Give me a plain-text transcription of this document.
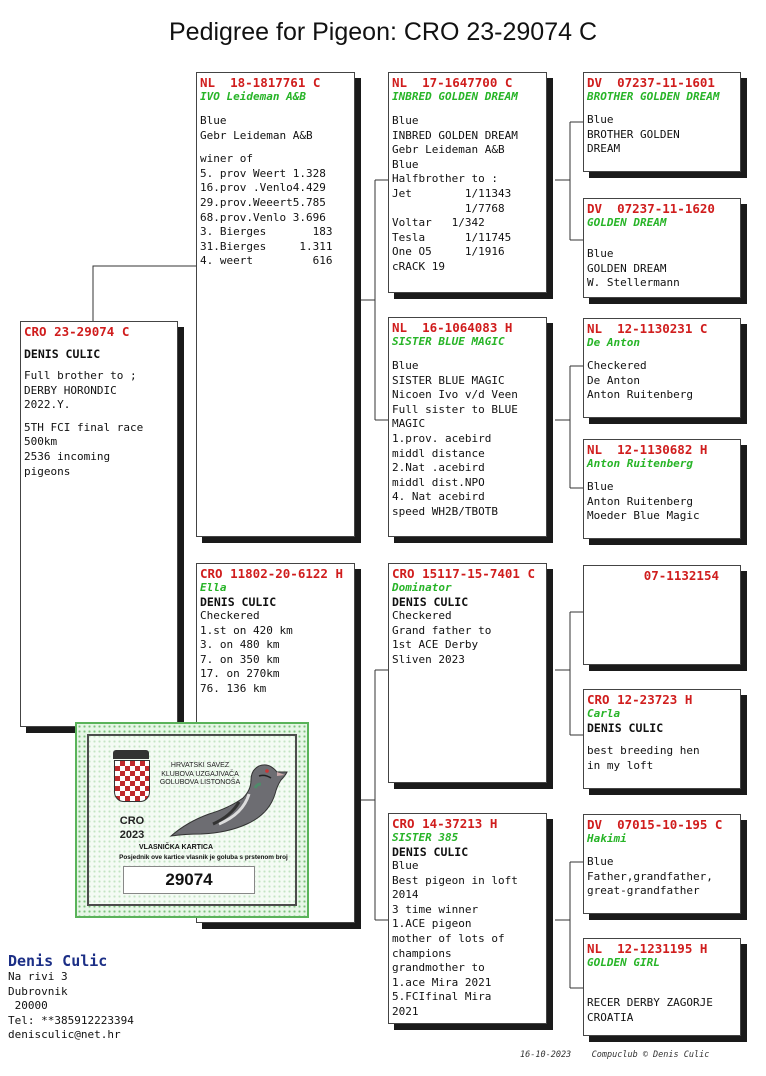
Pedigree for Pigeon: CRO 23-29074 C
CRO 23-29074 C
DENIS CULIC
Full brother to ;
DERBY HORONDIC
2022.Y.
5TH FCI final race
500km
2536 incoming
pigeons
NL  18-1817761 C
IVO Leideman A&B
Blue
Gebr Leideman A&B
winer of
5. prov Weert 1.328
16.prov .Venlo4.429
29.prov.Weeert5.785
68.prov.Venlo 3.696
3. Bierges       183
31.Bierges     1.311
4. weert         616
CRO 11802-20-6122 H
Ella
DENIS CULIC
Checkered
1.st on 420 km
3. on 480 km
7. on 350 km
17. on 270km
76. 136 km
NL  17-1647700 C
INBRED GOLDEN DREAM
Blue
INBRED GOLDEN DREAM
Gebr Leideman A&B
Blue
Halfbrother to :
Jet        1/11343
1/7768
Voltar   1/342
Tesla      1/11745
One O5     1/1916
cRACK 19
NL  16-1064083 H
SISTER BLUE MAGIC
Blue
SISTER BLUE MAGIC
Nicoen Ivo v/d Veen
Full sister to BLUE
MAGIC
1.prov. acebird
middl distance
2.Nat .acebird
middl dist.NPO
4. Nat acebird
speed WH2B/TBOTB
CRO 15117-15-7401 C
Dominator
DENIS CULIC
Checkered
Grand father to
1st ACE Derby
Sliven 2023
CRO 14-37213 H
SISTER 385
DENIS CULIC
Blue
Best pigeon in loft
2014
3 time winner
1.ACE pigeon
mother of lots of
champions
grandmother to
1.ace Mira 2021
5.FCIfinal Mira
2021
DV  07237-11-1601
BROTHER GOLDEN DREAM
Blue
BROTHER GOLDEN
DREAM
DV  07237-11-1620
GOLDEN DREAM
Blue
GOLDEN DREAM
W. Stellermann
NL  12-1130231 C
De Anton
Checkered
De Anton
Anton Ruitenberg
NL  12-1130682 H
Anton Ruitenberg
Blue
Anton Ruitenberg
Moeder Blue Magic
07-1132154
CRO 12-23723 H
Carla
DENIS CULIC
best breeding hen
in my loft
DV  07015-10-195 C
Hakimi
Blue
Father,grandfather,
great-grandfather
NL  12-1231195 H
GOLDEN GIRL
RECER DERBY ZAGORJE
CROATIA
HRVATSKI SAVEZ KLUBOVA UZGAJIVAČA GOLUBOVA LISTONOŠA
CRO
2023
VLASNIČKA KARTICA
Posjednik ove kartice vlasnik je goluba s prstenom broj
29074
Denis Culic
Na rivi 3
Dubrovnik
20000
Tel: **385912223394
denisculic@net.hr
16-10-2023    Compuclub © Denis Culic
